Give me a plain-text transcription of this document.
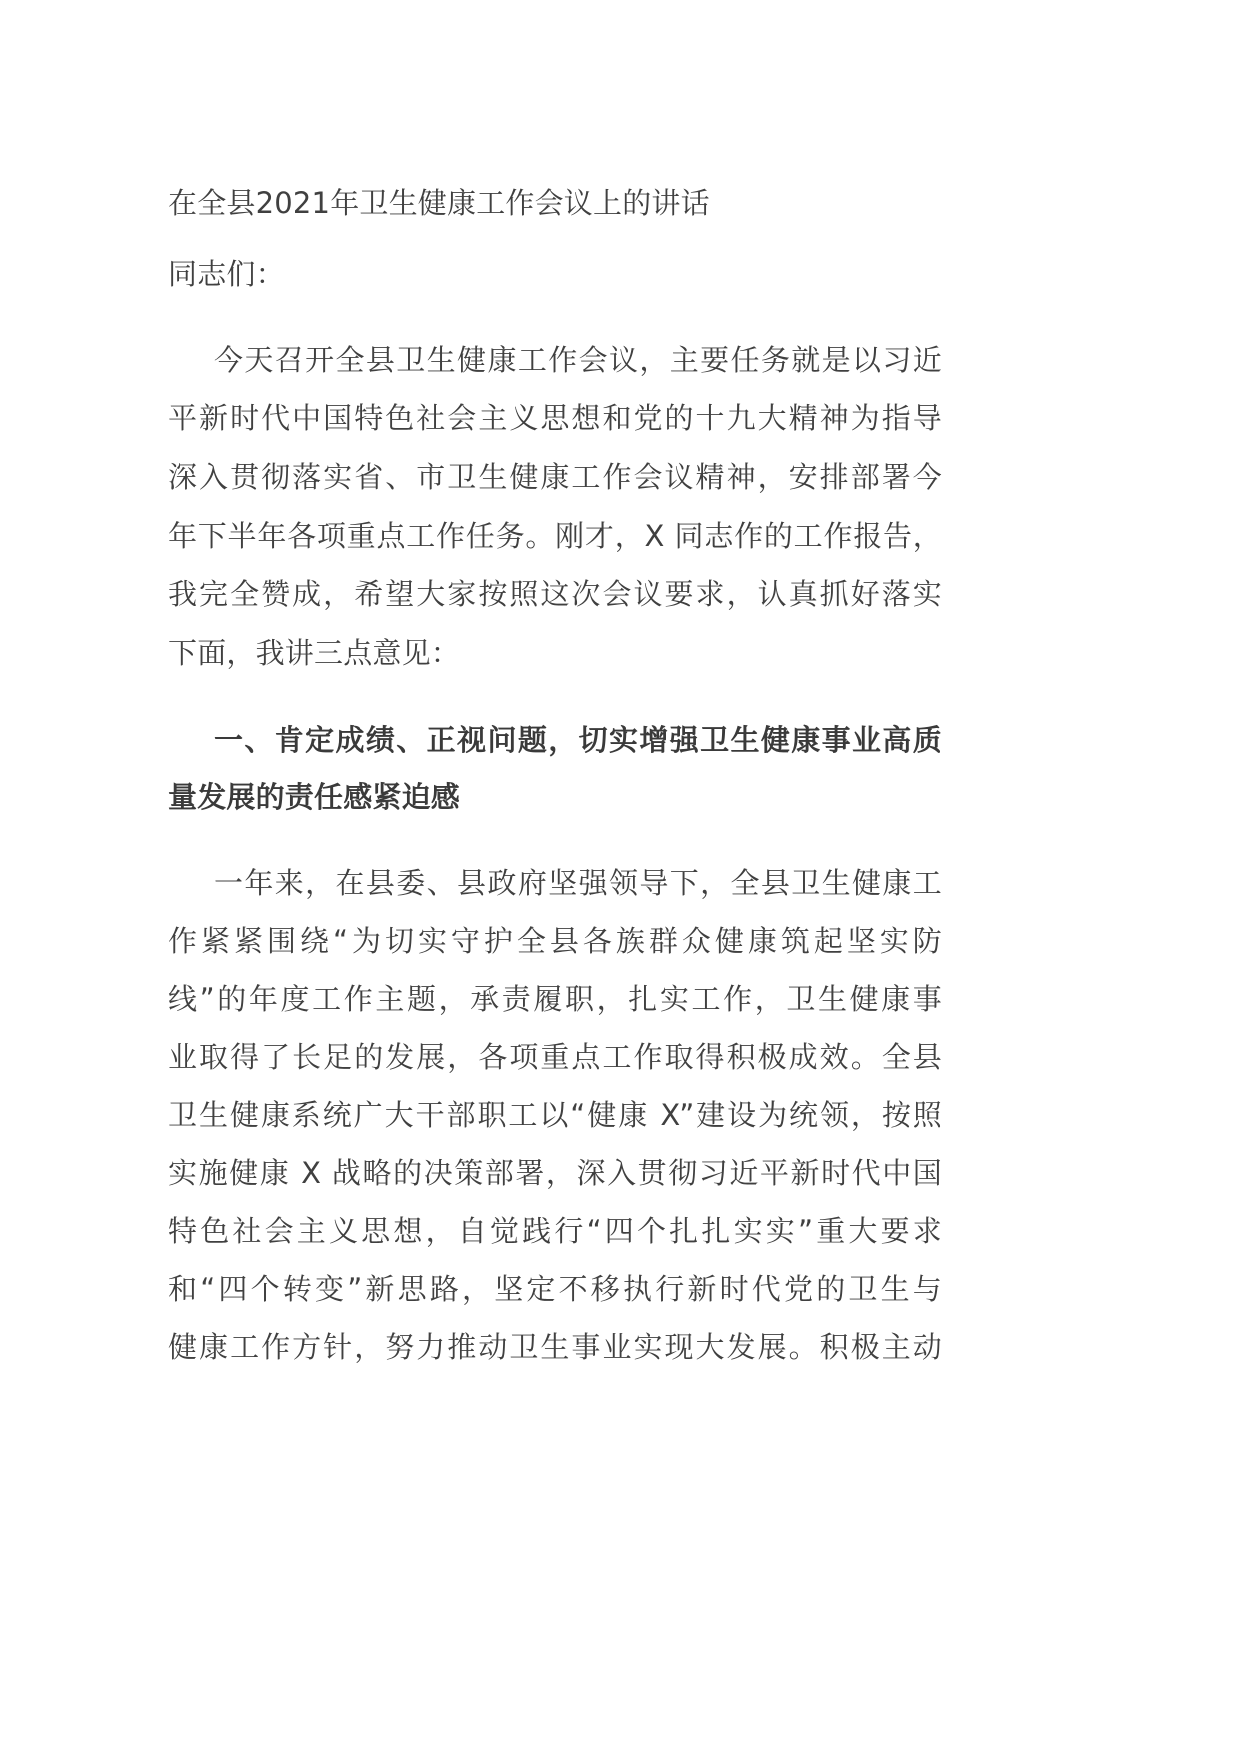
在全县2021年卫生健康工作会议上的讲话
同志们：
今天召开全县卫生健康工作会议，主要任务就是以习近
平新时代中国特色社会主义思想和党的十九大精神为指导
深入贯彻落实省、市卫生健康工作会议精神，安排部署今
年下半年各项重点工作任务。刚才，X 同志作的工作报告，
我完全赞成，希望大家按照这次会议要求，认真抓好落实
下面，我讲三点意见：
一、肯定成绩、正视问题，切实增强卫生健康事业高质
量发展的责任感紧迫感
一年来，在县委、县政府坚强领导下，全县卫生健康工
作紧紧围绕“为切实守护全县各族群众健康筑起坚实防
线”的年度工作主题，承责履职，扎实工作，卫生健康事
业取得了长足的发展，各项重点工作取得积极成效。全县
卫生健康系统广大干部职工以“健康 X”建设为统领，按照
实施健康 X 战略的决策部署，深入贯彻习近平新时代中国
特色社会主义思想，自觉践行“四个扎扎实实”重大要求
和“四个转变”新思路，坚定不移执行新时代党的卫生与
健康工作方针，努力推动卫生事业实现大发展。积极主动
